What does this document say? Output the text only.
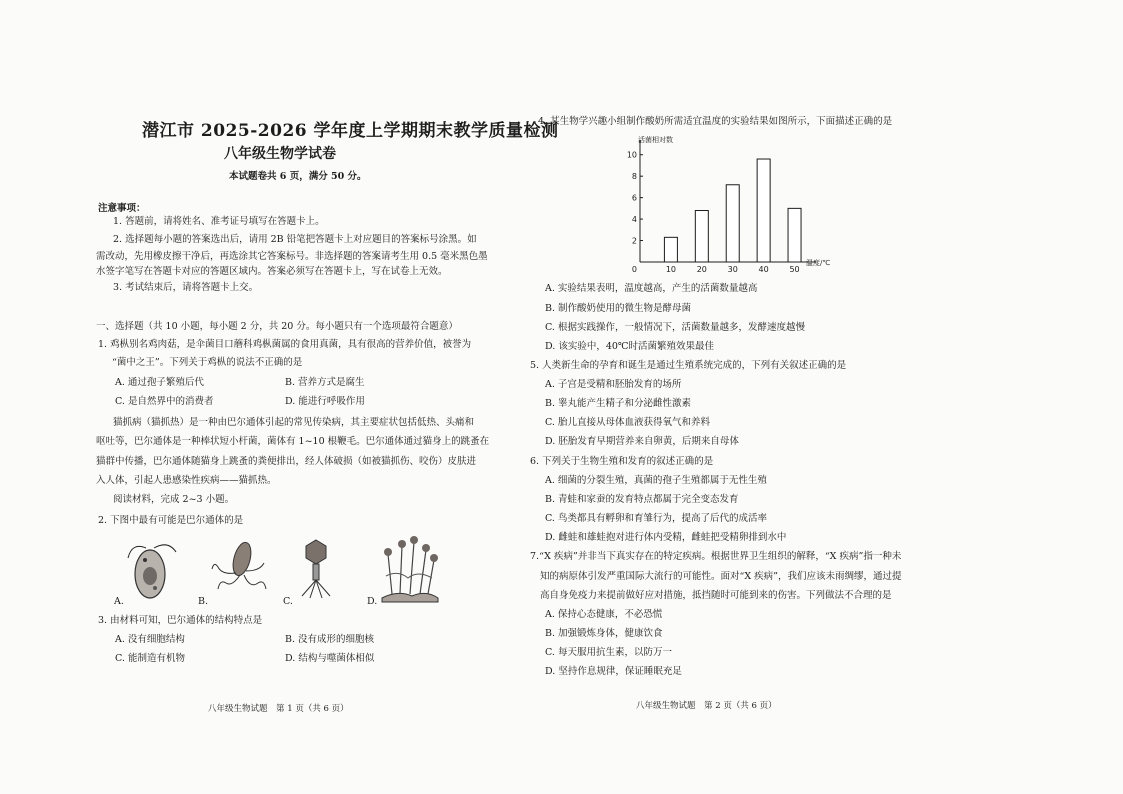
潜江市 2025-2026 学年度上学期期末教学质量检测
八年级生物学试卷
本试题卷共 6 页，满分 50 分。
注意事项：
1. 答题前，请将姓名、准考证号填写在答题卡上。
2. 选择题每小题的答案选出后，请用 2B 铅笔把答题卡上对应题目的答案标号涂黑。如
需改动，先用橡皮擦干净后，再选涂其它答案标号。非选择题的答案请考生用 0.5 毫米黑色墨
水签字笔写在答题卡对应的答题区域内。答案必须写在答题卡上，写在试卷上无效。
3. 考试结束后，请将答题卡上交。
一、选择题（共 10 小题，每小题 2 分，共 20 分。每小题只有一个选项最符合题意）
1. 鸡枞别名鸡肉菇，是伞菌目口蘑科鸡枞菌属的食用真菌，具有很高的营养价值，被誉为
“菌中之王”。下列关于鸡枞的说法不正确的是
A. 通过孢子繁殖后代	B. 营养方式是腐生
C. 是自然界中的消费者	D. 能进行呼吸作用
猫抓病（猫抓热）是一种由巴尔通体引起的常见传染病，其主要症状包括低热、头痛和
呕吐等，巴尔通体是一种棒状短小杆菌，菌体有 1~10 根鞭毛。巴尔通体通过猫身上的跳蚤在
猫群中传播，巴尔通体随猫身上跳蚤的粪便排出，经人体破损（如被猫抓伤、咬伤）皮肤进
入人体，引起人患感染性疾病——猫抓热。
阅读材料，完成 2~3 小题。
2. 下图中最有可能是巴尔通体的是
A.	B.	C.	D.
3. 由材料可知，巴尔通体的结构特点是
A. 没有细胞结构	B. 没有成形的细胞核
C. 能制造有机物	D. 结构与噬菌体相似
八年级生物试题　第 1 页（共 6 页）
4. 某生物学兴趣小组制作酸奶所需适宜温度的实验结果如图所示，下面描述正确的是
2
4
6
8
10
0	10	20	30	40	50
活菌相对数
温度/℃
A. 实验结果表明，温度越高，产生的活菌数量越高
B. 制作酸奶使用的微生物是酵母菌
C. 根据实践操作，一般情况下，活菌数量越多，发酵速度越慢
D. 该实验中，40℃时活菌繁殖效果最佳
5. 人类新生命的孕育和诞生是通过生殖系统完成的，下列有关叙述正确的是
A. 子宫是受精和胚胎发育的场所
B. 睾丸能产生精子和分泌雌性激素
C. 胎儿直接从母体血液获得氧气和养料
D. 胚胎发育早期营养来自卵黄，后期来自母体
6. 下列关于生物生殖和发育的叙述正确的是
A. 细菌的分裂生殖，真菌的孢子生殖都属于无性生殖
B. 青蛙和家蚕的发育特点都属于完全变态发育
C. 鸟类都具有孵卵和育雏行为，提高了后代的成活率
D. 雌蛙和雄蛙抱对进行体内受精，雌蛙把受精卵排到水中
7.“X 疾病”并非当下真实存在的特定疾病。根据世界卫生组织的解释，“X 疾病”指一种未
知的病原体引发严重国际大流行的可能性。面对“X 疾病”，我们应该未雨绸缪，通过提
高自身免疫力来提前做好应对措施，抵挡随时可能到来的伤害。下列做法不合理的是
A. 保持心态健康，不必恐慌
B. 加强锻炼身体，健康饮食
C. 每天服用抗生素，以防万一
D. 坚持作息规律，保证睡眠充足
八年级生物试题　第 2 页（共 6 页）
